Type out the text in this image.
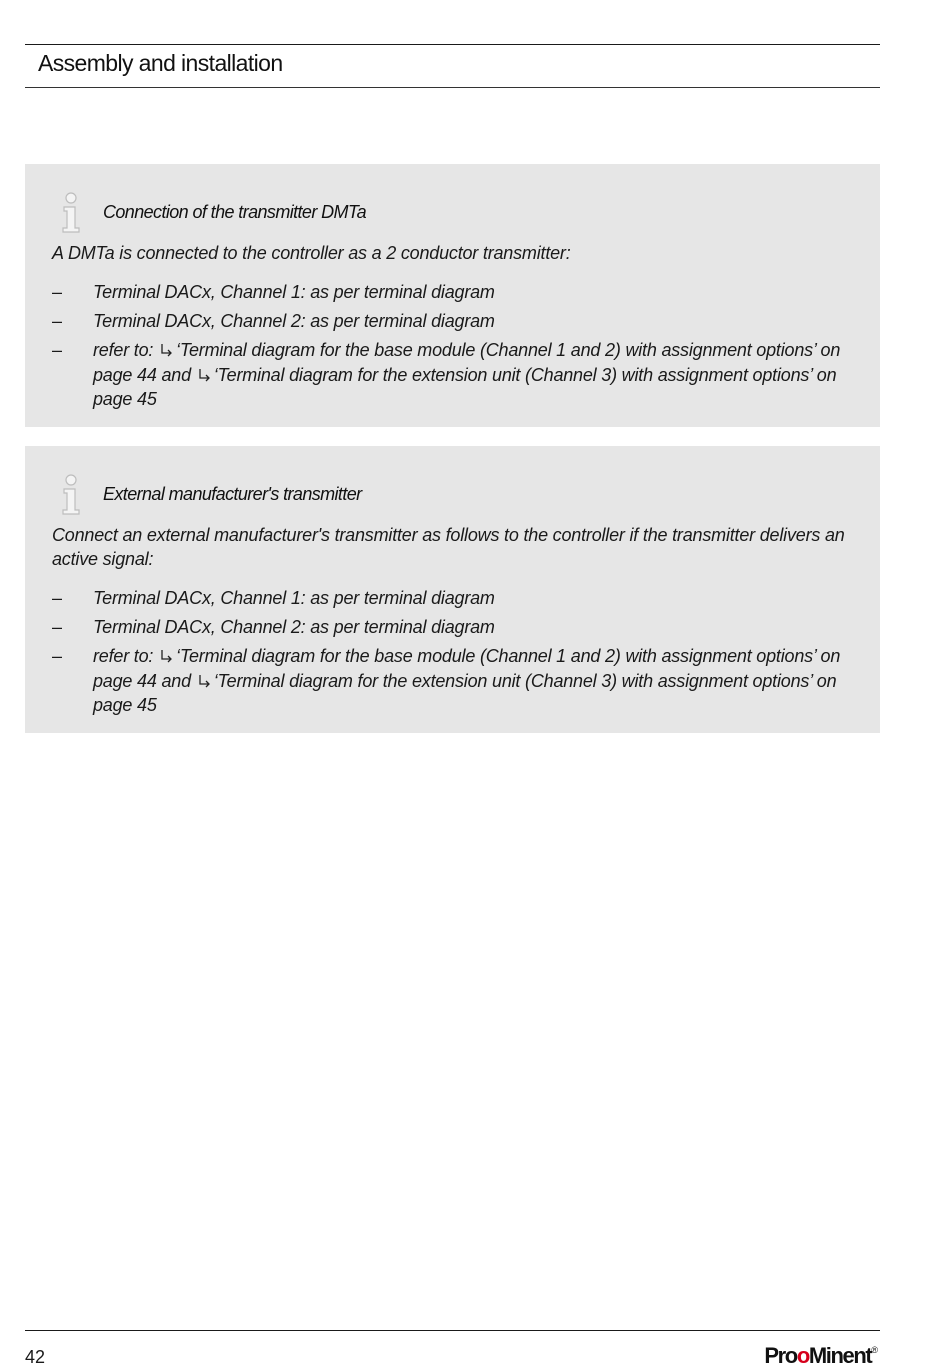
Assembly and installation
Connection of the transmitter DMTa
A DMTa is connected to the controller as a 2 conductor transmitter:
– Terminal DACx, Channel 1: as per terminal diagram
– Terminal DACx, Channel 2: as per terminal diagram
– refer to: ‘Terminal diagram for the base module (Channel 1 and 2) with assignment options’ on page 44 and ‘Terminal diagram for the extension unit (Channel 3) with assignment options’ on page 45
External manufacturer's transmitter
Connect an external manufacturer's transmitter as follows to the controller if the transmitter delivers an active signal:
– Terminal DACx, Channel 1: as per terminal diagram
– Terminal DACx, Channel 2: as per terminal diagram
– refer to: ‘Terminal diagram for the base module (Channel 1 and 2) with assignment options’ on page 44 and ‘Terminal diagram for the extension unit (Channel 3) with assignment options’ on page 45
42	ProoMinent®
